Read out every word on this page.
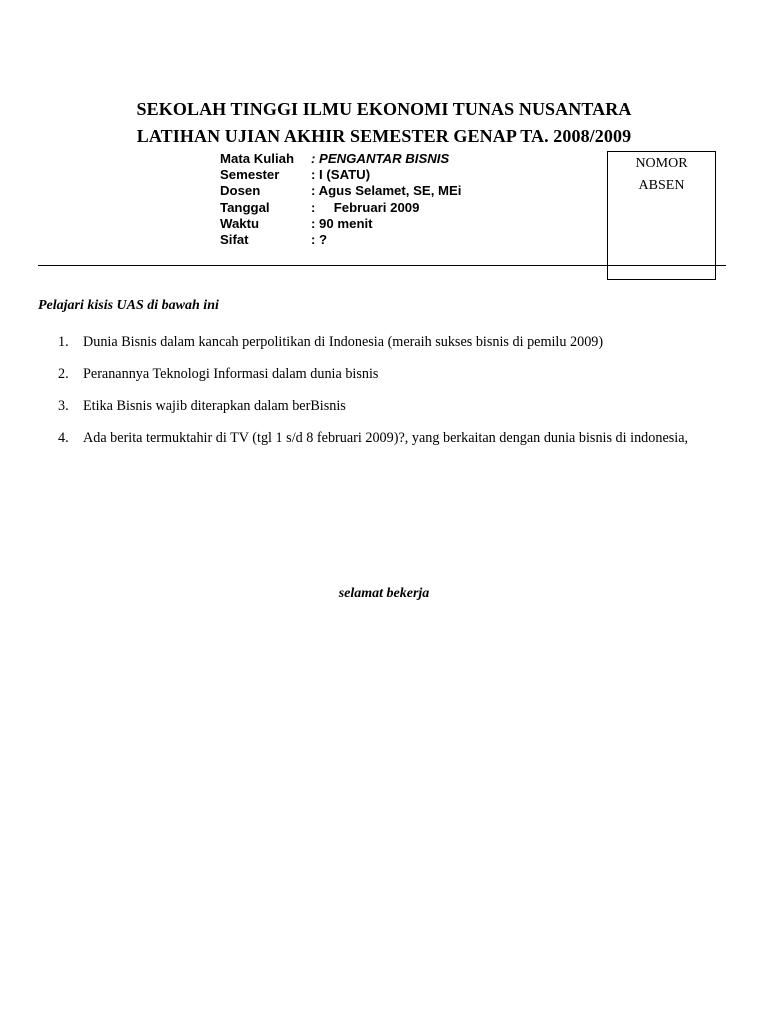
SEKOLAH TINGGI ILMU EKONOMI TUNAS NUSANTARA
LATIHAN UJIAN AKHIR SEMESTER GENAP TA. 2008/2009
Mata Kuliah	: PENGANTAR BISNIS
Semester	: I (SATU)
Dosen	: Agus Selamet, SE, MEi
Tanggal	:     Februari 2009
Waktu	: 90 menit
Sifat	: ?
NOMOR
ABSEN
Pelajari kisis UAS di bawah ini
1.	Dunia Bisnis dalam kancah perpolitikan di Indonesia (meraih sukses bisnis di pemilu 2009)
2.	Peranannya Teknologi Informasi dalam dunia bisnis
3.	Etika Bisnis wajib diterapkan dalam berBisnis
4.	Ada berita termuktahir di TV (tgl 1 s/d 8 februari 2009)?, yang berkaitan dengan dunia bisnis di indonesia,
selamat bekerja
